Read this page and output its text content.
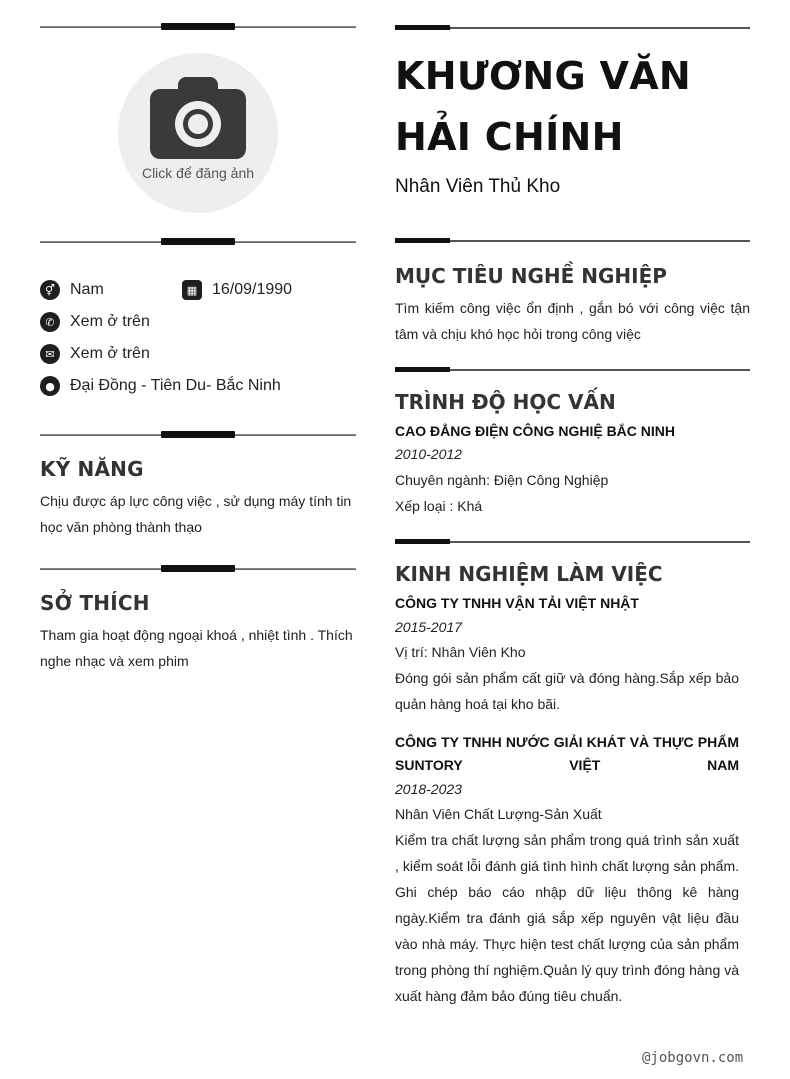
Click để đăng ảnh
⚥ Nam	▦ 16/09/1990
✆ Xem ở trên
✉ Xem ở trên
● Đại Đồng - Tiên Du- Bắc Ninh
KỸ NĂNG
Chịu được áp lực công việc , sử dụng máy tính tin học văn phòng thành thạo
SỞ THÍCH
Tham gia hoạt động ngoại khoá , nhiệt tình . Thích nghe nhạc và xem phim
KHƯƠNG VĂN HẢI CHÍNH
Nhân Viên Thủ Kho
MỤC TIÊU NGHỀ NGHIỆP
Tìm kiếm công việc ổn định , gắn bó với công việc tận tâm và chịu khó học hỏi trong công việc
TRÌNH ĐỘ HỌC VẤN
CAO ĐẲNG ĐIỆN CÔNG NGHIỆ BẮC NINH
2010-2012
Chuyên ngành: Điện Công Nghiệp
Xếp loại : Khá
KINH NGHIỆM LÀM VIỆC
CÔNG TY TNHH VẬN TẢI VIỆT NHẬT
2015-2017
Vị trí: Nhân Viên Kho
Đóng gói sản phẩm cất giữ và đóng hàng.Sắp xếp bảo quản hàng hoá tại kho bãi.
CÔNG TY TNHH NƯỚC GIẢI KHÁT VÀ THỰC PHẨM SUNTORY VIỆT NAM
2018-2023
Nhân Viên Chất Lượng-Sản Xuất
Kiểm tra chất lượng sản phẩm trong quá trình sản xuất , kiểm soát lỗi đánh giá tình hình chất lượng sản phẩm. Ghi chép báo cáo nhập dữ liệu thông kê hàng ngày.Kiểm tra đánh giá sắp xếp nguyên vật liệu đầu vào nhà máy. Thực hiện test chất lượng của sản phẩm trong phòng thí nghiệm.Quản lý quy trình đóng hàng và xuất hàng đảm bảo đúng tiêu chuẩn.
@jobgovn.com
